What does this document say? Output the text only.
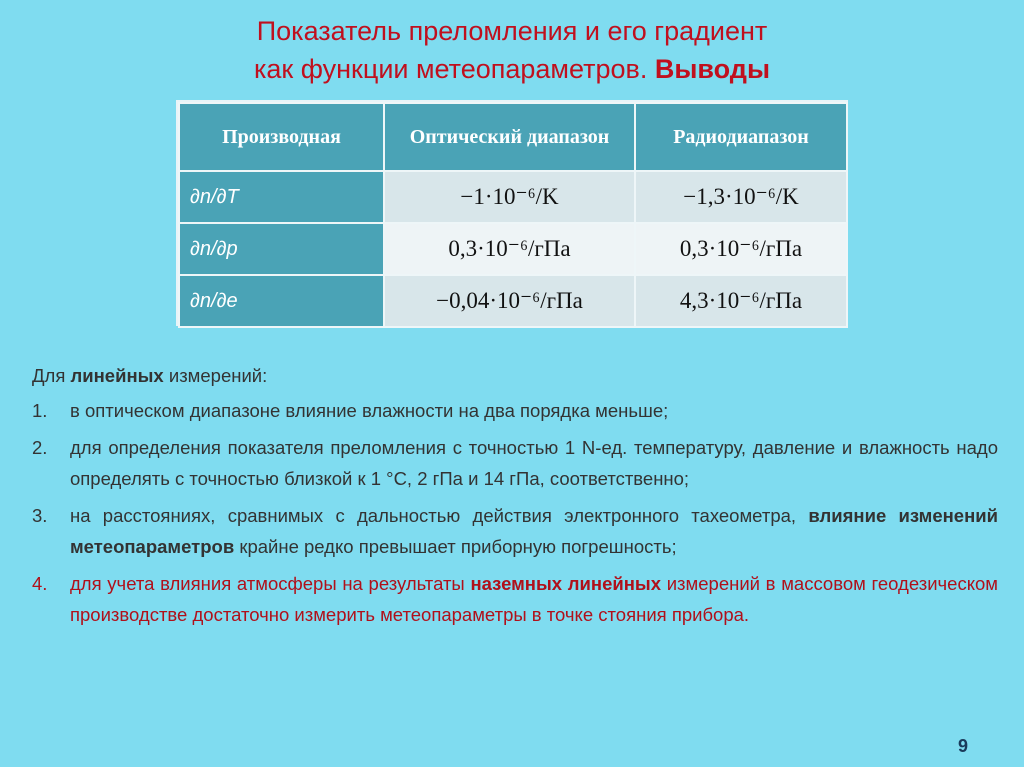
Показатель преломления и его градиент
как функции метеопараметров. Выводы
Производная	Оптический диапазон	Радиодиапазон
∂n/∂T	−1·10⁻⁶/K	−1,3·10⁻⁶/K
∂n/∂p	0,3·10⁻⁶/гПа	0,3·10⁻⁶/гПа
∂n/∂e	−0,04·10⁻⁶/гПа	4,3·10⁻⁶/гПа

Для линейных измерений:

1.	в оптическом диапазоне влияние влажности на два порядка меньше;
2.	для определения показателя преломления с точностью 1 N-ед. температуру, давление и влажность надо определять с точностью близкой к 1 °С, 2 гПа и 14 гПа, соответственно;
3.	на расстояниях, сравнимых с дальностью действия электронного тахеометра, влияние изменений метеопараметров крайне редко превышает приборную погрешность;
4.	для учета влияния атмосферы на результаты наземных линейных измерений в массовом геодезическом производстве достаточно измерить метеопараметры в точке стояния прибора.
9
